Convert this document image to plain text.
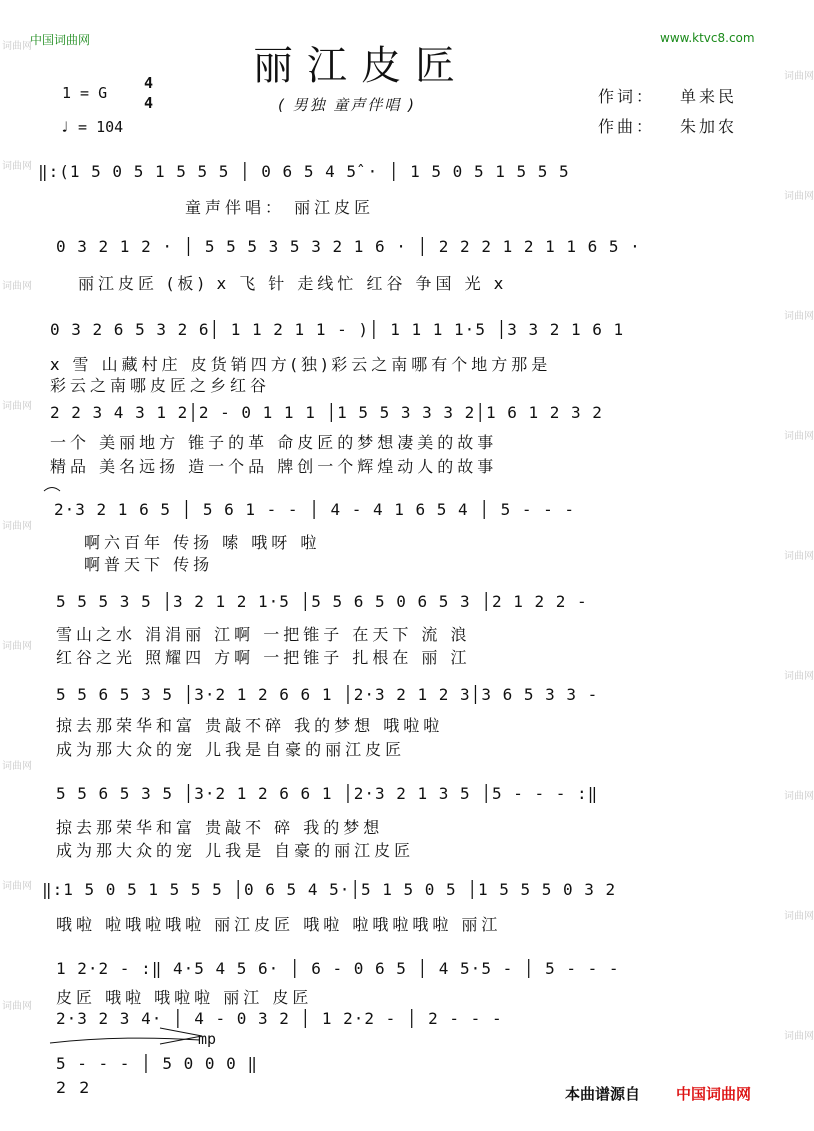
中国词曲网	www.ktvc8.com
丽江皮匠
( 男独 童声伴唱 )
1 = G
4
4
♩ = 104
作词： 单来民
作曲： 朱加农
词曲网
词曲网
词曲网
词曲网
词曲网
词曲网
词曲网
词曲网
词曲网
词曲网
词曲网
词曲网
词曲网
词曲网
词曲网
词曲网
词曲网
词曲网
‖:(1 5 0 5 1 5 5 5 │ 0 6 5 4 5̂ · │ 1 5 0 5 1 5 5 5
童声伴唱： 丽江皮匠
0 3 2 1 2 · │ 5 5 5 3 5 3 2 1 6 · │ 2 2 2 1 2 1 1 6 5 ·
丽江皮匠 (板) x 飞 针 走线忙 红谷 争国 光 x
0 3 2 6 5 3 2 6│ 1 1 2 1 1 - )│ 1 1 1 1·5 │3 3 2 1 6 1
x 雪 山藏村庄 皮货销四方(独)彩云之南哪有个地方那是
彩云之南哪皮匠之乡红谷
2 2 3 4 3 1 2│2 - 0 1 1 1 │1 5 5 3 3 3 2│1 6 1 2 3 2
一个 美丽地方 锥子的革 命皮匠的梦想凄美的故事
精品 美名远扬 造一个品 牌创一个辉煌动人的故事
2·3 2 1 6 5 │ 5 6 1 - - │ 4 - 4 1 6 5 4 │ 5 - - -
啊六百年 传扬 嗦 哦呀 啦
啊普天下 传扬
5 5 5 3 5 │3 2 1 2 1·5 │5 5 6 5 0 6 5 3 │2 1 2 2 -
雪山之水 涓涓丽 江啊 一把锥子 在天下 流 浪
红谷之光 照耀四 方啊 一把锥子 扎根在 丽 江
5 5 6 5 3 5 │3·2 1 2 6 6 1 │2·3 2 1 2 3│3 6 5 3 3 -
掠去那荣华和富 贵敲不碎 我的梦想 哦啦啦
成为那大众的宠 儿我是自豪的丽江皮匠
5 5 6 5 3 5 │3·2 1 2 6 6 1 │2·3 2 1 3 5 │5 - - - :‖
掠去那荣华和富 贵敲不 碎 我的梦想
成为那大众的宠 儿我是 自豪的丽江皮匠
‖:1 5 0 5 1 5 5 5 │0 6 5 4 5·│5 1 5 0 5 │1 5 5 5 0 3 2
哦啦 啦哦啦哦啦 丽江皮匠 哦啦 啦哦啦哦啦 丽江
1 2·2 - :‖ 4·5 4 5 6· │ 6 - 0 6 5 │ 4 5·5 - │ 5 - - -
皮匠 哦啦 哦啦啦 丽江 皮匠
2·3 2 3 4· │ 4 - 0 3 2 │ 1 2·2 - │ 2 - - -
5 - - - │ 5 0 0 0 ‖
2 2
mp
本曲谱源自 中国词曲网
